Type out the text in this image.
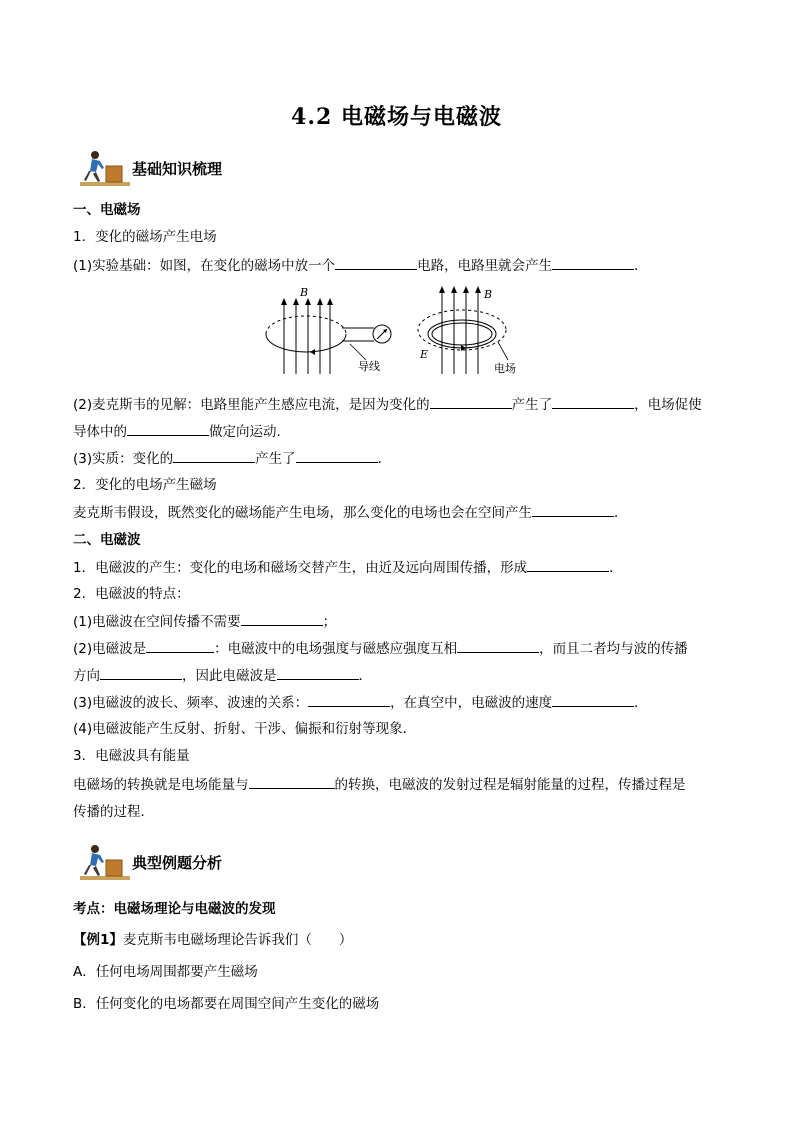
4.2 电磁场与电磁波
基础知识梳理
一、电磁场
1．变化的磁场产生电场
(1)实验基础：如图，在变化的磁场中放一个	电路，电路里就会产生	．
B
导线
B
E
电场
(2)麦克斯韦的见解：电路里能产生感应电流，是因为变化的	产生了	，电场促使
导体中的	做定向运动．
(3)实质：变化的	产生了	．
2．变化的电场产生磁场
麦克斯韦假设，既然变化的磁场能产生电场，那么变化的电场也会在空间产生	．
二、电磁波
1．电磁波的产生：变化的电场和磁场交替产生，由近及远向周围传播，形成	．
2．电磁波的特点：
(1)电磁波在空间传播不需要	；
(2)电磁波是	：电磁波中的电场强度与磁感应强度互相	，而且二者均与波的传播
方向	，因此电磁波是	．
(3)电磁波的波长、频率、波速的关系：	，在真空中，电磁波的速度	．
(4)电磁波能产生反射、折射、干涉、偏振和衍射等现象．
3．电磁波具有能量
电磁场的转换就是电场能量与	的转换，电磁波的发射过程是辐射能量的过程，传播过程是
传播的过程．
典型例题分析
考点：电磁场理论与电磁波的发现
【例1】麦克斯韦电磁场理论告诉我们（　　）
A．任何电场周围都要产生磁场
B．任何变化的电场都要在周围空间产生变化的磁场
